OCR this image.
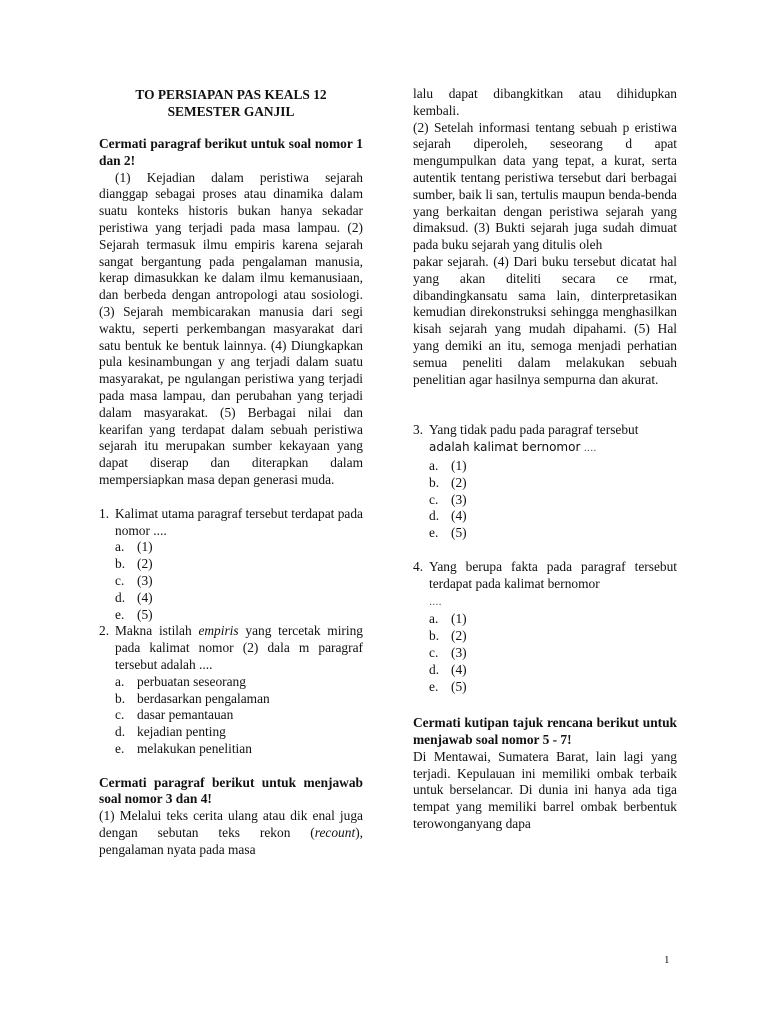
TO PERSIAPAN PAS KEALS 12
SEMESTER GANJIL

Cermati paragraf berikut untuk soal nomor 1 dan 2!

(1) Kejadian dalam peristiwa sejarah dianggap sebagai proses atau dinamika dalam suatu konteks historis bukan hanya sekadar peristiwa yang terjadi pada masa lampau. (2) Sejarah termasuk ilmu empiris karena sejarah sangat bergantung pada pengalaman manusia, kerap dimasukkan ke dalam ilmu kemanusiaan, dan berbeda dengan antropologi atau sosiologi. (3) Sejarah membicarakan manusia dari segi waktu, seperti perkembangan masyarakat dari satu bentuk ke bentuk lainnya. (4) Diungkapkan pula kesinambungan y ang terjadi dalam suatu masyarakat, pe ngulangan peristiwa yang terjadi pada masa lampau, dan perubahan yang terjadi dalam masyarakat. (5) Berbagai nilai dan kearifan yang terdapat dalam sebuah peristiwa sejarah itu merupakan sumber kekayaan yang dapat diserap dan diterapkan dalam mempersiapkan masa depan generasi muda.

1. Kalimat utama paragraf tersebut terdapat pada nomor ....
a. (1)
b. (2)
c. (3)
d. (4)
e. (5)
2. Makna istilah empiris yang tercetak miring pada kalimat nomor (2) dala m paragraf tersebut adalah ....
a. perbuatan seseorang
b. berdasarkan pengalaman
c. dasar pemantauan
d. kejadian penting
e. melakukan penelitian

Cermati paragraf berikut untuk menjawab soal nomor 3 dan 4!

(1) Melalui teks cerita ulang atau dik enal juga dengan sebutan teks rekon (recount), pengalaman nyata pada masa

lalu dapat dibangkitkan atau dihidupkan kembali.

(2) Setelah informasi tentang sebuah p eristiwa sejarah diperoleh, seseorang d apat mengumpulkan data yang tepat, a kurat, serta autentik tentang peristiwa tersebut dari berbagai sumber, baik li san, tertulis maupun benda-benda yang berkaitan dengan peristiwa sejarah yang dimaksud. (3) Bukti sejarah juga sudah dimuat pada buku sejarah yang ditulis oleh

pakar sejarah. (4) Dari buku tersebut dicatat hal yang akan diteliti secara ce rmat, dibandingkansatu sama lain, dinterpretasikan kemudian direkonstruksi sehingga menghasilkan kisah sejarah yang mudah dipahami. (5) Hal yang demiki an itu, semoga menjadi perhatian semua peneliti dalam melakukan sebuah penelitian agar hasilnya sempurna dan akurat.

3. Yang tidak padu pada paragraf tersebut
adalah kalimat bernomor ....
a. (1)
b. (2)
c. (3)
d. (4)
e. (5)
4. Yang berupa fakta pada paragraf tersebut terdapat pada kalimat bernomor
....
a. (1)
b. (2)
c. (3)
d. (4)
e. (5)

Cermati kutipan tajuk rencana berikut untuk menjawab soal nomor 5 - 7!

Di Mentawai, Sumatera Barat, lain lagi yang terjadi. Kepulauan ini memiliki ombak terbaik untuk berselancar. Di dunia ini hanya ada tiga tempat yang memiliki barrel ombak berbentuk terowonganyang dapa

1
